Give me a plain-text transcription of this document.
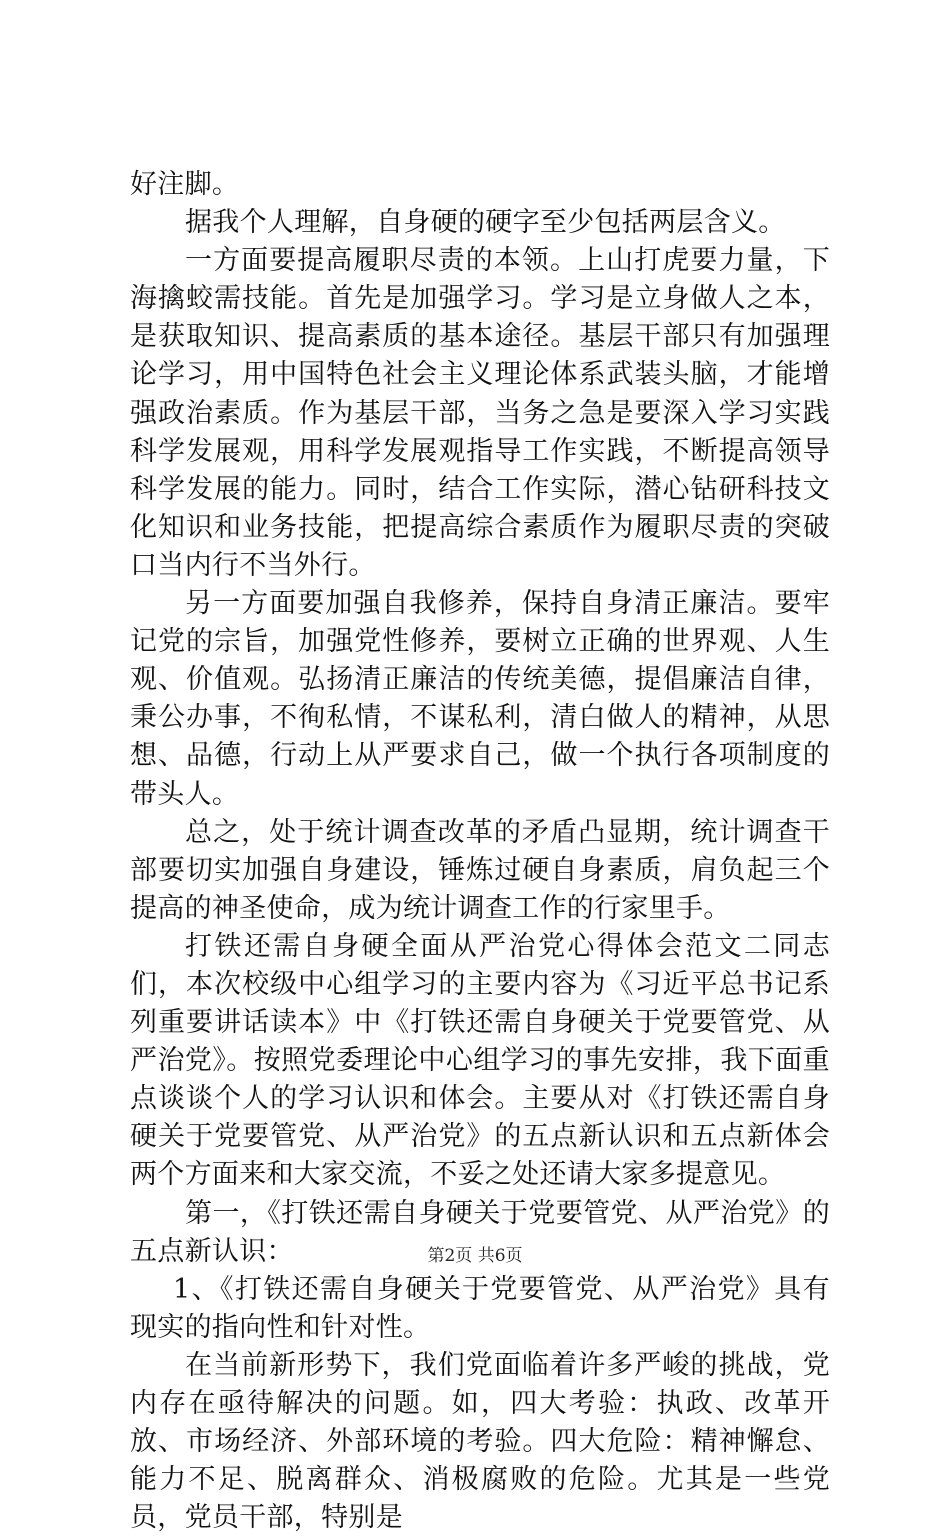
好注脚。

据我个人理解，自身硬的硬字至少包括两层含义。

一方面要提高履职尽责的本领。上山打虎要力量，下海擒蛟需技能。首先是加强学习。学习是立身做人之本，是获取知识、提高素质的基本途径。基层干部只有加强理论学习，用中国特色社会主义理论体系武装头脑，才能增强政治素质。作为基层干部，当务之急是要深入学习实践科学发展观，用科学发展观指导工作实践，不断提高领导科学发展的能力。同时，结合工作实际，潜心钻研科技文化知识和业务技能，把提高综合素质作为履职尽责的突破口当内行不当外行。

另一方面要加强自我修养，保持自身清正廉洁。要牢记党的宗旨，加强党性修养，要树立正确的世界观、人生观、价值观。弘扬清正廉洁的传统美德，提倡廉洁自律，秉公办事，不徇私情，不谋私利，清白做人的精神，从思想、品德，行动上从严要求自己，做一个执行各项制度的带头人。

总之，处于统计调查改革的矛盾凸显期，统计调查干部要切实加强自身建设，锤炼过硬自身素质，肩负起三个提高的神圣使命，成为统计调查工作的行家里手。

打铁还需自身硬全面从严治党心得体会范文二同志们，本次校级中心组学习的主要内容为《习近平总书记系列重要讲话读本》中《打铁还需自身硬关于党要管党、从严治党》。按照党委理论中心组学习的事先安排，我下面重点谈谈个人的学习认识和体会。主要从对《打铁还需自身硬关于党要管党、从严治党》的五点新认识和五点新体会两个方面来和大家交流，不妥之处还请大家多提意见。

第一，《打铁还需自身硬关于党要管党、从严治党》的五点新认识：

1、《打铁还需自身硬关于党要管党、从严治党》具有现实的指向性和针对性。

在当前新形势下，我们党面临着许多严峻的挑战，党内存在亟待解决的问题。如，四大考验：执政、改革开放、市场经济、外部环境的考验。四大危险：精神懈怠、能力不足、脱离群众、消极腐败的危险。尤其是一些党员，党员干部，特别是

第2页 共6页
